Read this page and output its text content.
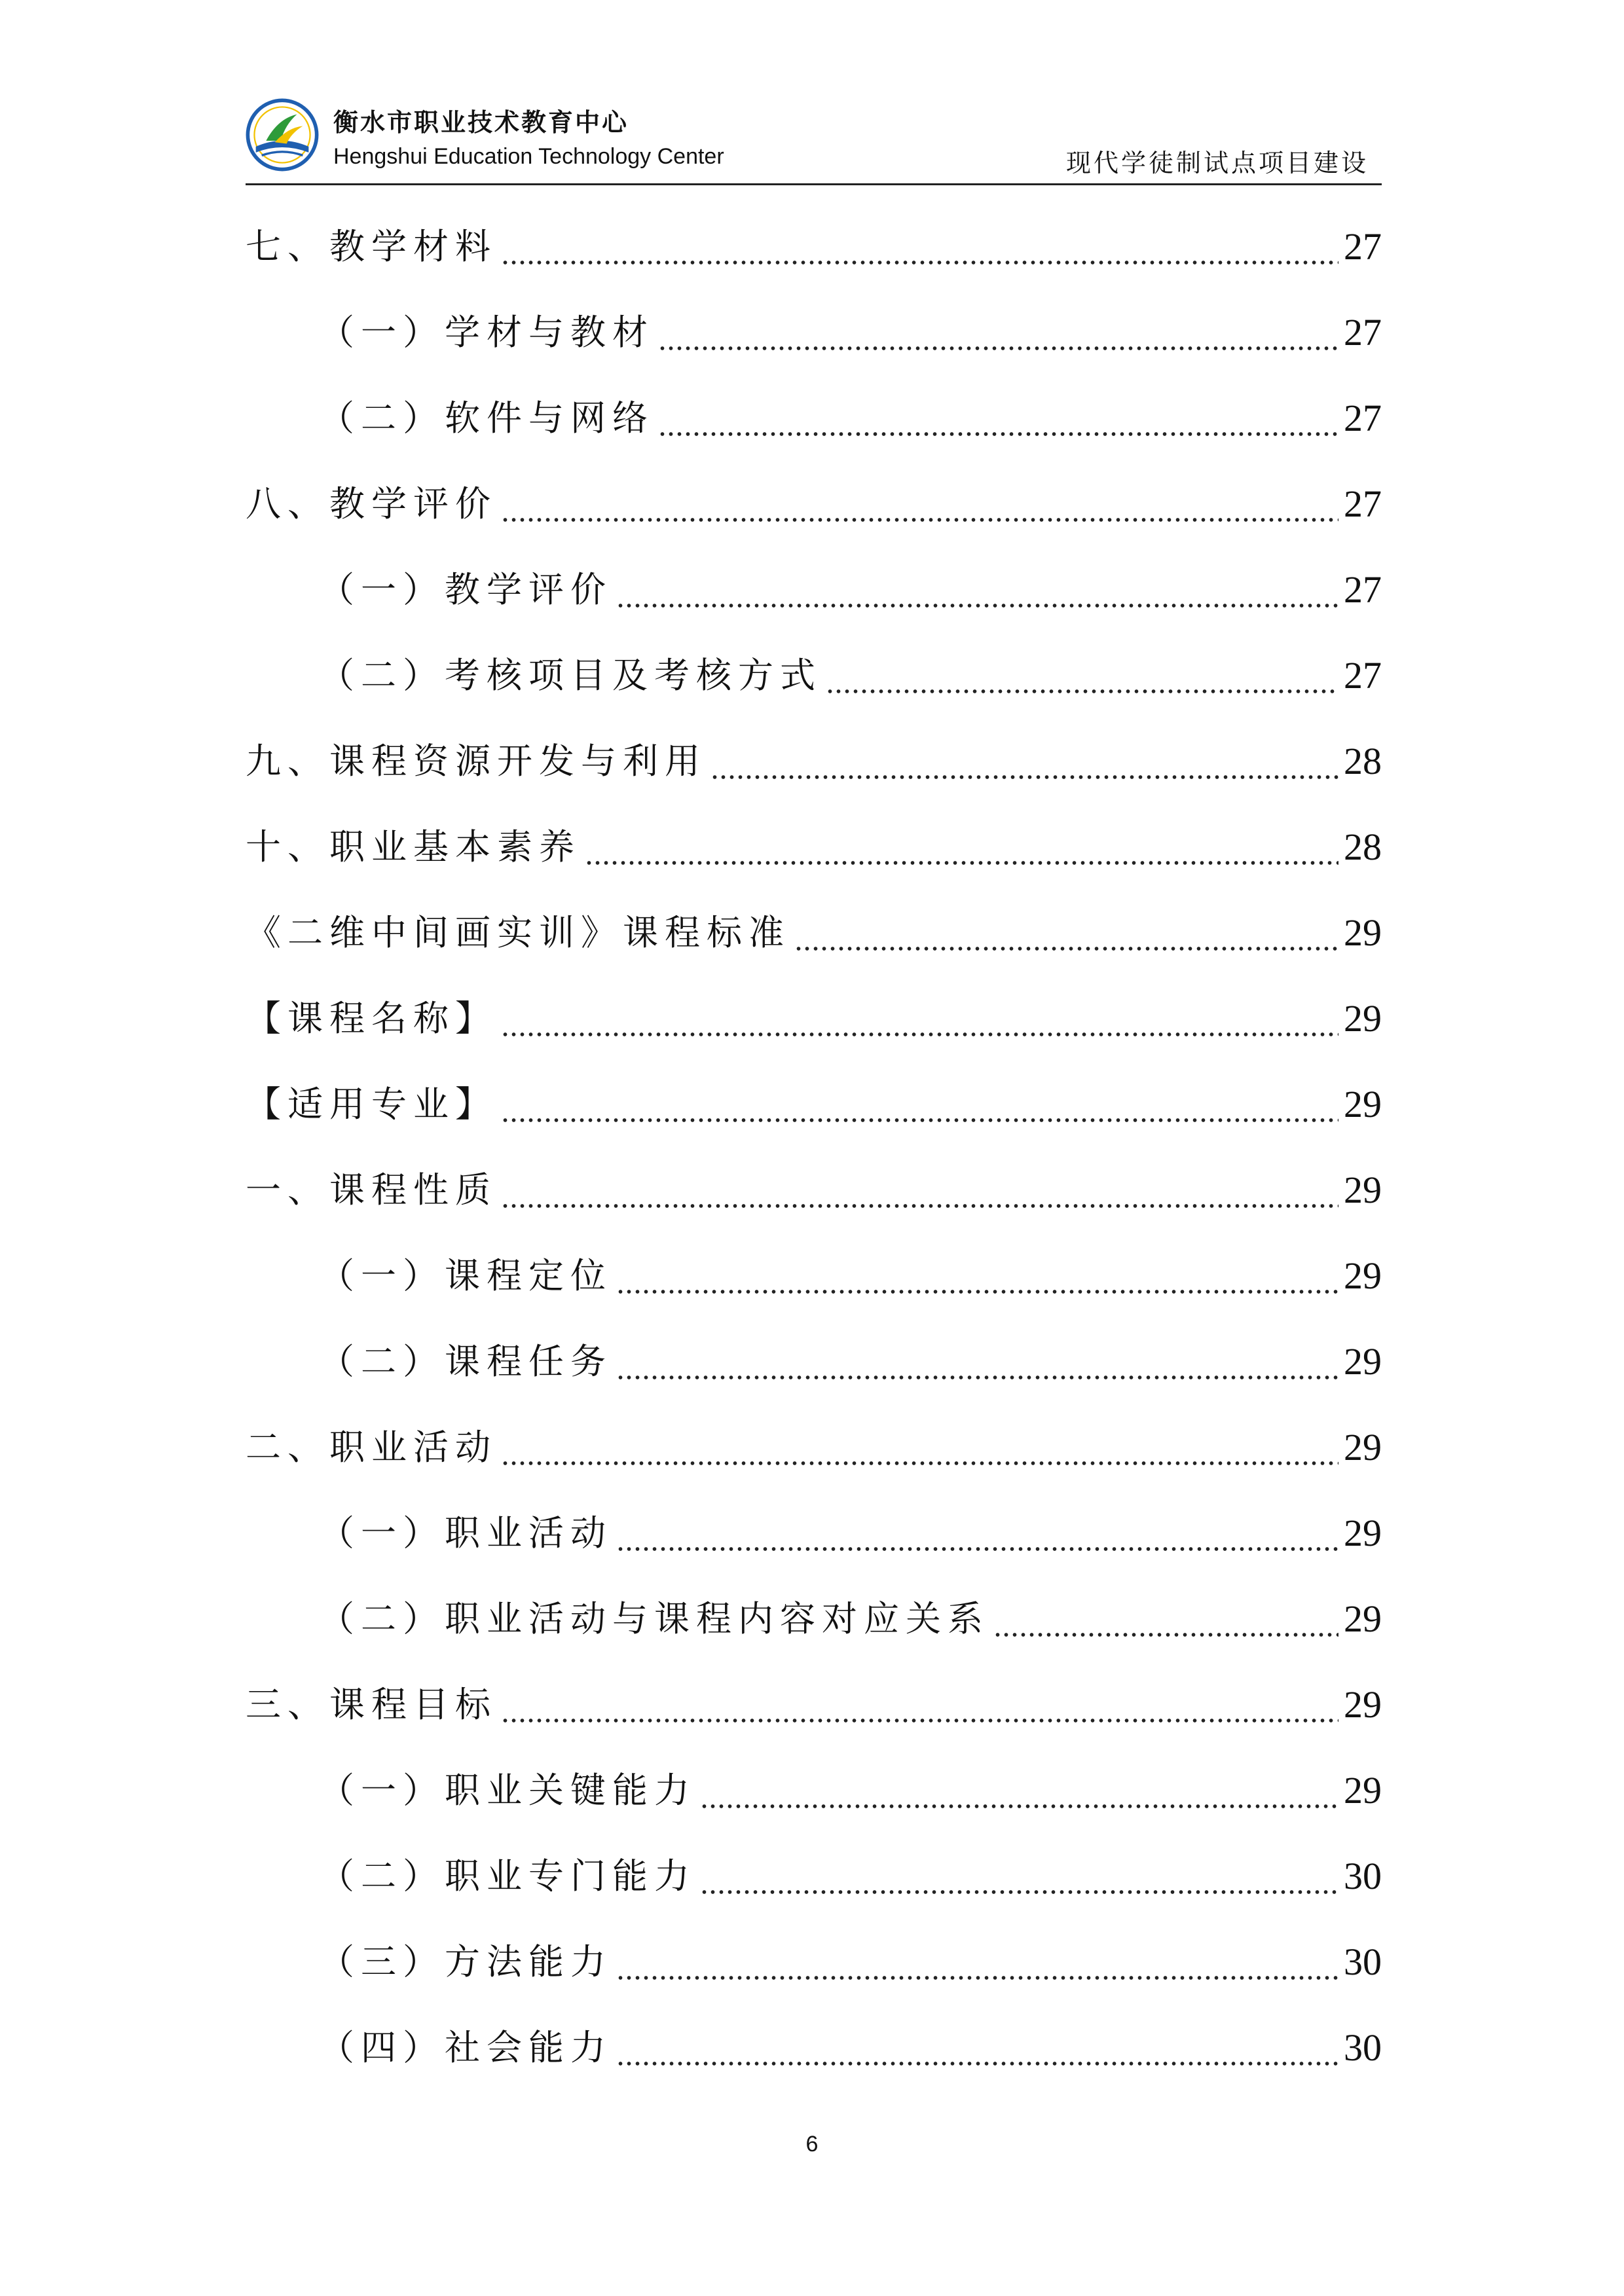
衡水市职业技术教育中心
Hengshui Education Technology Center	现代学徒制试点项目建设
七、教学材料	27
（一）学材与教材	27
（二）软件与网络	27
八、教学评价	27
（一）教学评价	27
（二）考核项目及考核方式	27
九、课程资源开发与利用	28
十、职业基本素养	28
《二维中间画实训》课程标准	29
【课程名称】	29
【适用专业】	29
一、课程性质	29
（一）课程定位	29
（二）课程任务	29
二、职业活动	29
（一）职业活动	29
（二）职业活动与课程内容对应关系	29
三、课程目标	29
（一）职业关键能力	29
（二）职业专门能力	30
（三）方法能力	30
（四）社会能力	30
6
